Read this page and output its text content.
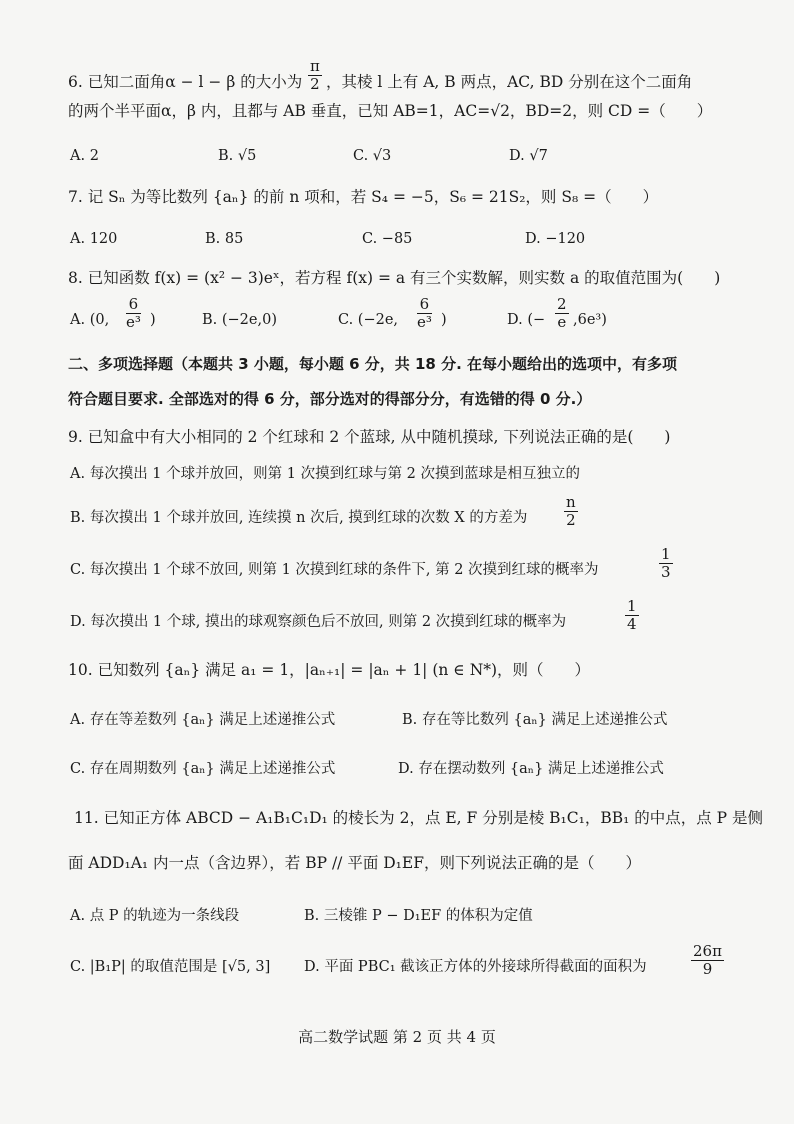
6. 已知二面角α − l − β 的大小为 $\frac{\pi}{2}$ ，其棱 l 上有 A, B 两点，AC, BD 分别在这个二面角
的两个半平面α，β 内，且都与 AB 垂直，已知 AB=1，AC=√2，BD=2，则 CD =（　　）
A. 2	B. √5	C. √3	D. √7
7. 记 Sₙ 为等比数列 {aₙ} 的前 n 项和，若 S₄ = −5，S₆ = 21S₂，则 S₈ =（　　）
A. 120	B. 85	C. −85	D. −120
8. 已知函数 f(x) = (x² − 3)eˣ，若方程 f(x) = a 有三个实数解，则实数 a 的取值范围为(　　)
A. (0, $\frac{6}{\text{e³}}$ )	B. (−2e,0)	C. (−2e, $\frac{6}{\text{e³}}$ )	D. (− $\frac{2}{e} ,6e^3$)
二、多项选择题（本题共 3 小题，每小题 6 分，共 18 分. 在每小题给出的选项中，有多项
符合题目要求. 全部选对的得 6 分，部分选对的得部分分，有选错的得 0 分.）
9. 已知盒中有大小相同的 2 个红球和 2 个蓝球, 从中随机摸球, 下列说法正确的是(　　)
A. 每次摸出 1 个球并放回，则第 1 次摸到红球与第 2 次摸到蓝球是相互独立的
B. 每次摸出 1 个球并放回, 连续摸 n 次后, 摸到红球的次数 X 的方差为 $\frac{n}{2}$
C. 每次摸出 1 个球不放回, 则第 1 次摸到红球的条件下, 第 2 次摸到红球的概率为	$\frac{1}{3}$
D. 每次摸出 1 个球, 摸出的球观察颜色后不放回, 则第 2 次摸到红球的概率为	$\frac{1}{4}$
10. 已知数列 {aₙ} 满足 a₁ = 1，|aₙ₊₁| = |aₙ + 1| (n ∈ N*)，则（　　）
A. 存在等差数列 {aₙ} 满足上述递推公式	B. 存在等比数列 {aₙ} 满足上述递推公式
C. 存在周期数列 {aₙ} 满足上述递推公式	D. 存在摆动数列 {aₙ} 满足上述递推公式
11. 已知正方体 ABCD − A₁B₁C₁D₁ 的棱长为 2，点 E, F 分别是棱 B₁C₁，BB₁ 的中点，点 P 是侧
面 ADD₁A₁ 内一点（含边界），若 BP // 平面 D₁EF，则下列说法正确的是（　　）
A. 点 P 的轨迹为一条线段	B. 三棱锥 P − D₁EF 的体积为定值
C. |B₁P| 的取值范围是 [√5, 3] D. 平面 PBC₁ 截该正方体的外接球所得截面的面积为	$\frac{26\pi}{9}$
高二数学试题 第 2 页 共 4 页
